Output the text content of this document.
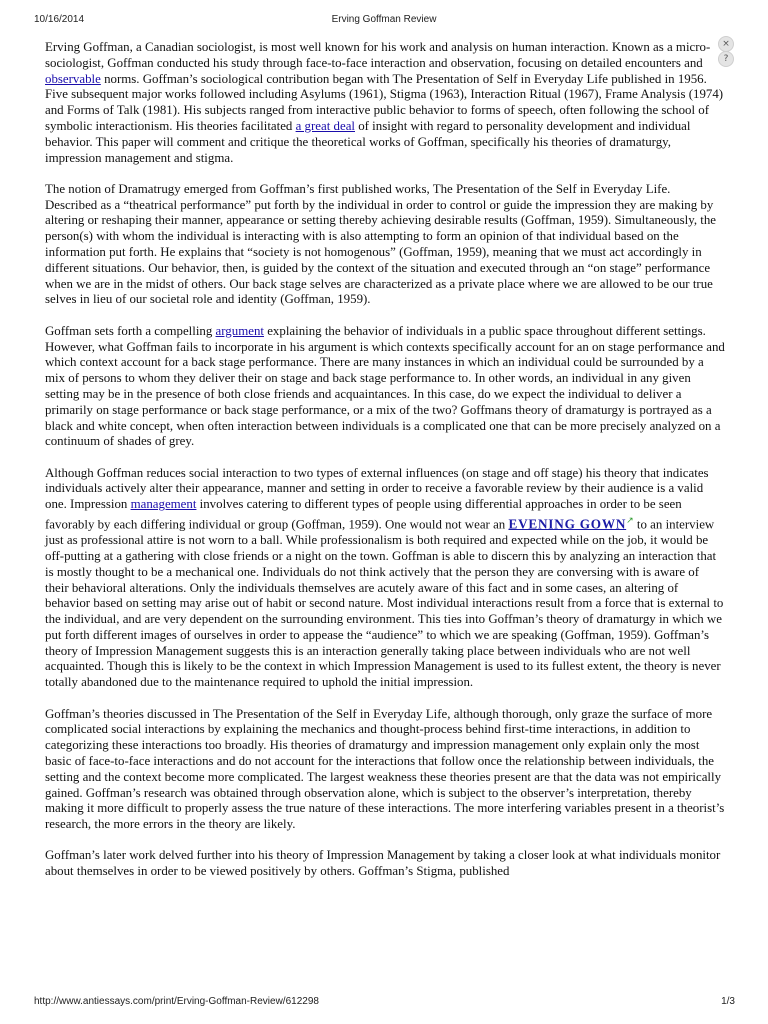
10/16/2014	Erving Goffman Review
×
?

Erving Goffman, a Canadian sociologist, is most well known for his work and analysis on human interaction. Known as a micro-sociologist, Goffman conducted his study through face-to-face interaction and observation, focusing on detailed encounters and observable norms. Goffman’s sociological contribution began with The Presentation of Self in Everyday Life published in 1956. Five subsequent major works followed including Asylums (1961), Stigma (1963), Interaction Ritual (1967), Frame Analysis (1974) and Forms of Talk (1981). His subjects ranged from interactive public behavior to forms of speech, often following the school of symbolic interactionism. His theories facilitated a great deal of insight with regard to personality development and individual behavior. This paper will comment and critique the theoretical works of Goffman, specifically his theories of dramaturgy, impression management and stigma.

The notion of Dramatrugy emerged from Goffman’s first published works, The Presentation of the Self in Everyday Life. Described as a “theatrical performance” put forth by the individual in order to control or guide the impression they are making by altering or reshaping their manner, appearance or setting thereby achieving desirable results (Goffman, 1959). Simultaneously, the person(s) with whom the individual is interacting with is also attempting to form an opinion of that individual based on the information put forth. He explains that “society is not homogenous” (Goffman, 1959), meaning that we must act accordingly in different situations. Our behavior, then, is guided by the context of the situation and executed through an “on stage” performance when we are in the midst of others. Our back stage selves are characterized as a private place where we are allowed to be our true selves in lieu of our societal role and identity (Goffman, 1959).

Goffman sets forth a compelling argument explaining the behavior of individuals in a public space throughout different settings. However, what Goffman fails to incorporate in his argument is which contexts specifically account for an on stage performance and which context account for a back stage performance. There are many instances in which an individual could be surrounded by a mix of persons to whom they deliver their on stage and back stage performance to. In other words, an individual in any given setting may be in the presence of both close friends and acquaintances. In this case, do we expect the individual to deliver a primarily on stage performance or back stage performance, or a mix of the two? Goffmans theory of dramaturgy is portrayed as a black and white concept, when often interaction between individuals is a complicated one that can be more precisely analyzed on a continuum of shades of grey.

Although Goffman reduces social interaction to two types of external influences (on stage and off stage) his theory that indicates individuals actively alter their appearance, manner and setting in order to receive a favorable review by their audience is a valid one. Impression management involves catering to different types of people using differential approaches in order to be seen favorably by each differing individual or group (Goffman, 1959). One would not wear an EVENING GOWN↗ to an interview just as professional attire is not worn to a ball. While professionalism is both required and expected while on the job, it would be off-putting at a gathering with close friends or a night on the town. Goffman is able to discern this by analyzing an interaction that is mostly thought to be a mechanical one. Individuals do not think actively that the person they are conversing with is aware of their behavioral alterations. Only the individuals themselves are acutely aware of this fact and in some cases, an altering of behavior based on setting may arise out of habit or second nature. Most individual interactions result from a force that is external to the individual, and are very dependent on the surrounding environment. This ties into Goffman’s theory of dramaturgy in which we put forth different images of ourselves in order to appease the “audience” to which we are speaking (Goffman, 1959). Goffman’s theory of Impression Management suggests this is an interaction generally taking place between individuals who are not well acquainted. Though this is likely to be the context in which Impression Management is used to its fullest extent, the theory is never totally abandoned due to the maintenance required to uphold the initial impression.

Goffman’s theories discussed in The Presentation of the Self in Everyday Life, although thorough, only graze the surface of more complicated social interactions by explaining the mechanics and thought-process behind first-time interactions, in addition to categorizing these interactions too broadly. His theories of dramaturgy and impression management only explain only the most basic of face-to-face interactions and do not account for the interactions that follow once the relationship between individuals, the setting and the context become more complicated. The largest weakness these theories present are that the data was not empirically gained. Goffman’s research was obtained through observation alone, which is subject to the observer’s interpretation, thereby making it more difficult to properly assess the true nature of these interactions. The more interfering variables present in a theorist’s research, the more errors in the theory are likely.

Goffman’s later work delved further into his theory of Impression Management by taking a closer look at what individuals monitor about themselves in order to be viewed positively by others. Goffman’s Stigma, published

http://www.antiessays.com/print/Erving-Goffman-Review/612298	1/3
